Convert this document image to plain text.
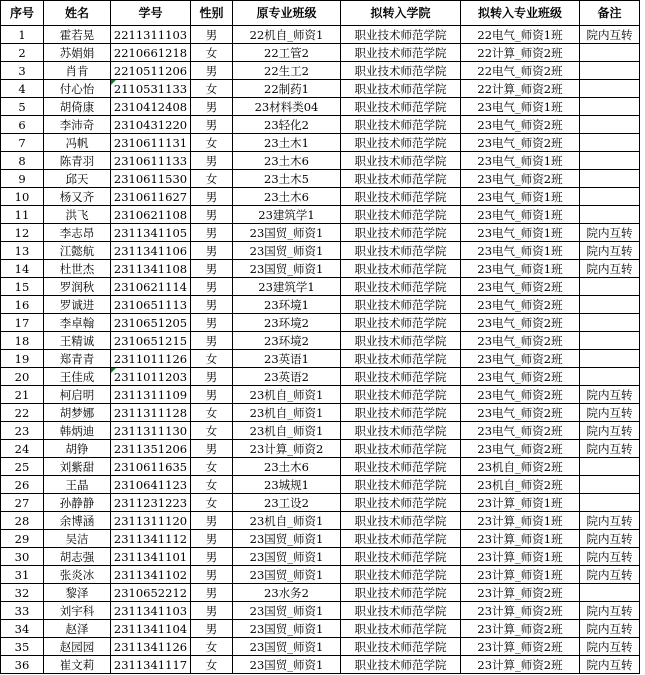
序号	姓名	学号	性别	原专业班级	拟转入学院	拟转入专业班级	备注
1	霍若晃	2211311103	男	22机自_师资1	职业技术师范学院	22电气_师资1班	院内互转
2	苏娟娟	2210661218	女	22工管2	职业技术师范学院	22计算_师资2班	
3	肖肯	2210511206	男	22生工2	职业技术师范学院	22电气_师资2班	
4	付心怡	2110531133	女	22制药1	职业技术师范学院	22计算_师资2班	
5	胡倚康	2310412408	男	23材料类04	职业技术师范学院	23电气_师资1班	
6	李沛奇	2310431220	男	23轻化2	职业技术师范学院	23电气_师资2班	
7	冯帆	2310611131	女	23土木1	职业技术师范学院	23电气_师资2班	
8	陈青羽	2310611133	男	23土木6	职业技术师范学院	23电气_师资1班	
9	邱天	2310611530	女	23土木5	职业技术师范学院	23电气_师资2班	
10	杨又齐	2310611627	男	23土木6	职业技术师范学院	23电气_师资1班	
11	洪飞	2310621108	男	23建筑学1	职业技术师范学院	23电气_师资1班	
12	李志昂	2311341105	男	23国贸_师资1	职业技术师范学院	23电气_师资1班	院内互转
13	江懿航	2311341106	男	23国贸_师资1	职业技术师范学院	23电气_师资1班	院内互转
14	杜世杰	2311341108	男	23国贸_师资1	职业技术师范学院	23电气_师资1班	院内互转
15	罗润秋	2310621114	男	23建筑学1	职业技术师范学院	23电气_师资2班	
16	罗诚进	2310651113	男	23环境1	职业技术师范学院	23电气_师资2班	
17	李卓翰	2310651205	男	23环境2	职业技术师范学院	23电气_师资2班	
18	王精诚	2310651215	男	23环境2	职业技术师范学院	23电气_师资2班	
19	郑青青	2311011126	女	23英语1	职业技术师范学院	23电气_师资2班	
20	王佳成	2311011203	男	23英语2	职业技术师范学院	23电气_师资2班	
21	柯启明	2311311109	男	23机自_师资1	职业技术师范学院	23电气_师资2班	院内互转
22	胡梦娜	2311311128	女	23机自_师资1	职业技术师范学院	23电气_师资2班	院内互转
23	韩炳迪	2311311130	女	23机自_师资1	职业技术师范学院	23电气_师资2班	院内互转
24	胡铮	2311351206	男	23计算_师资2	职业技术师范学院	23电气_师资2班	院内互转
25	刘紫甜	2310611635	女	23土木6	职业技术师范学院	23机自_师资2班	
26	王晶	2310641123	女	23城规1	职业技术师范学院	23机自_师资2班	
27	孙静静	2311231223	女	23工设2	职业技术师范学院	23计算_师资1班	
28	余博涵	2311311120	男	23机自_师资1	职业技术师范学院	23计算_师资1班	院内互转
29	吴洁	2311341112	男	23国贸_师资1	职业技术师范学院	23计算_师资1班	院内互转
30	胡志强	2311341101	男	23国贸_师资1	职业技术师范学院	23计算_师资1班	院内互转
31	张炎冰	2311341102	男	23国贸_师资1	职业技术师范学院	23计算_师资1班	院内互转
32	黎泽	2310652212	男	23水务2	职业技术师范学院	23计算_师资2班	
33	刘宇科	2311341103	男	23国贸_师资1	职业技术师范学院	23计算_师资2班	院内互转
34	赵泽	2311341104	男	23国贸_师资1	职业技术师范学院	23计算_师资2班	院内互转
35	赵园园	2311341126	女	23国贸_师资1	职业技术师范学院	23计算_师资2班	院内互转
36	崔文莉	2311341117	女	23国贸_师资1	职业技术师范学院	23计算_师资2班	院内互转
